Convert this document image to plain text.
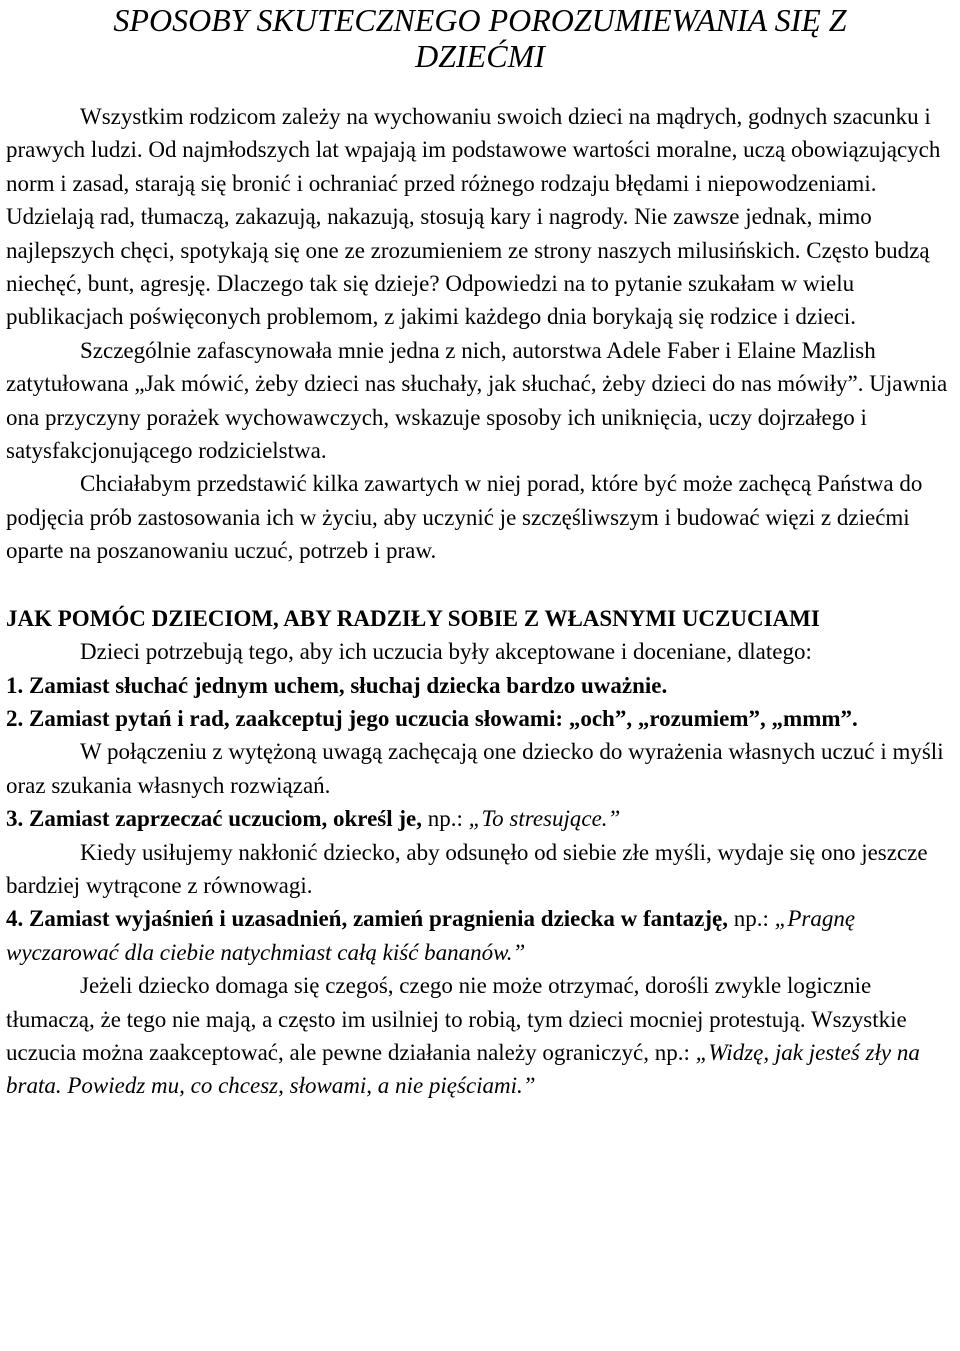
SPOSOBY SKUTECZNEGO POROZUMIEWANIA SIĘ Z
DZIEĆMI

Wszystkim rodzicom zależy na wychowaniu swoich dzieci na mądrych, godnych szacunku i prawych ludzi. Od najmłodszych lat wpajają im podstawowe wartości moralne, uczą obowiązujących norm i zasad, starają się bronić i ochraniać przed różnego rodzaju błędami i niepowodzeniami. Udzielają rad, tłumaczą, zakazują, nakazują, stosują kary i nagrody. Nie zawsze jednak, mimo najlepszych chęci, spotykają się one ze zrozumieniem ze strony naszych milusińskich. Często budzą niechęć, bunt, agresję. Dlaczego tak się dzieje? Odpowiedzi na to pytanie szukałam w wielu publikacjach poświęconych problemom, z jakimi każdego dnia borykają się rodzice i dzieci.

Szczególnie zafascynowała mnie jedna z nich, autorstwa Adele Faber i Elaine Mazlish zatytułowana „Jak mówić, żeby dzieci nas słuchały, jak słuchać, żeby dzieci do nas mówiły”. Ujawnia ona przyczyny porażek wychowawczych, wskazuje sposoby ich uniknięcia, uczy dojrzałego i satysfakcjonującego rodzicielstwa.

Chciałabym przedstawić kilka zawartych w niej porad, które być może zachęcą Państwa do podjęcia prób zastosowania ich w życiu, aby uczynić je szczęśliwszym i budować więzi z dziećmi oparte na poszanowaniu uczuć, potrzeb i praw.

JAK POMÓC DZIECIOM, ABY RADZIŁY SOBIE Z WŁASNYMI UCZUCIAMI

Dzieci potrzebują tego, aby ich uczucia były akceptowane i doceniane, dlatego:

1. Zamiast słuchać jednym uchem, słuchaj dziecka bardzo uważnie.

2. Zamiast pytań i rad, zaakceptuj jego uczucia słowami: „och”, „rozumiem”, „mmm”.

W połączeniu z wytężoną uwagą zachęcają one dziecko do wyrażenia własnych uczuć i myśli oraz szukania własnych rozwiązań.

3. Zamiast zaprzeczać uczuciom, określ je, np.: „To stresujące.”

Kiedy usiłujemy nakłonić dziecko, aby odsunęło od siebie złe myśli, wydaje się ono jeszcze bardziej wytrącone z równowagi.

4. Zamiast wyjaśnień i uzasadnień, zamień pragnienia dziecka w fantazję, np.: „Pragnę wyczarować dla ciebie natychmiast całą kiść bananów.”

Jeżeli dziecko domaga się czegoś, czego nie może otrzymać, dorośli zwykle logicznie tłumaczą, że tego nie mają, a często im usilniej to robią, tym dzieci mocniej protestują. Wszystkie uczucia można zaakceptować, ale pewne działania należy ograniczyć, np.: „Widzę, jak jesteś zły na brata. Powiedz mu, co chcesz, słowami, a nie pięściami.”
